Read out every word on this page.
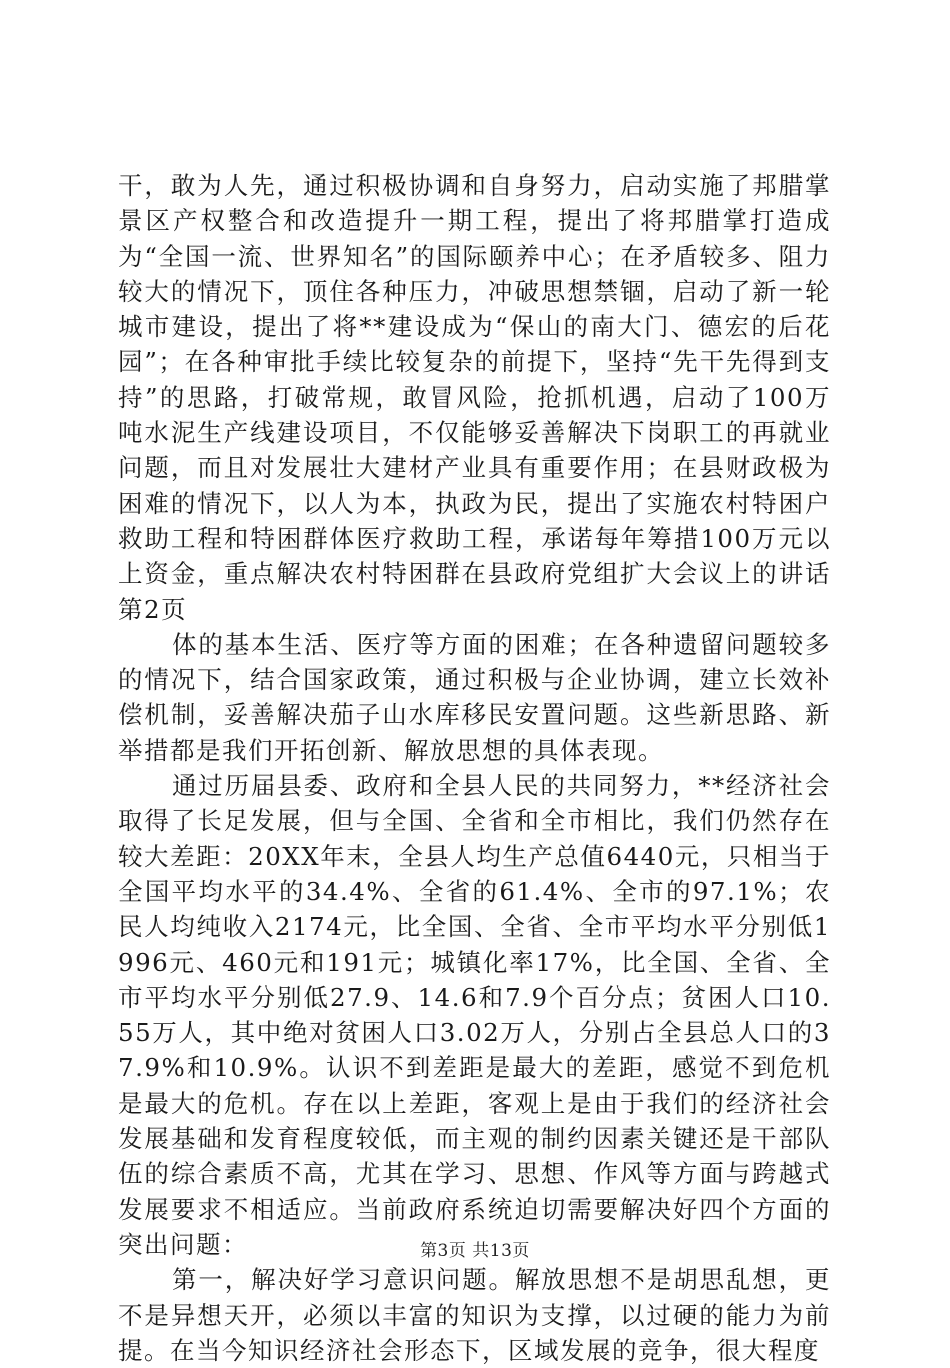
干，敢为人先，通过积极协调和自身努力，启动实施了邦腊掌景区产权整合和改造提升一期工程，提出了将邦腊掌打造成为“全国一流、世界知名”的国际颐养中心；在矛盾较多、阻力较大的情况下，顶住各种压力，冲破思想禁锢，启动了新一轮城市建设，提出了将**建设成为“保山的南大门、德宏的后花园”；在各种审批手续比较复杂的前提下，坚持“先干先得到支持”的思路，打破常规，敢冒风险，抢抓机遇，启动了100万吨水泥生产线建设项目，不仅能够妥善解决下岗职工的再就业问题，而且对发展壮大建材产业具有重要作用；在县财政极为困难的情况下，以人为本，执政为民，提出了实施农村特困户救助工程和特困群体医疗救助工程，承诺每年筹措100万元以上资金，重点解决农村特困群在县政府党组扩大会议上的讲话第2页

体的基本生活、医疗等方面的困难；在各种遗留问题较多的情况下，结合国家政策，通过积极与企业协调，建立长效补偿机制，妥善解决茄子山水库移民安置问题。这些新思路、新举措都是我们开拓创新、解放思想的具体表现。

通过历届县委、政府和全县人民的共同努力，**经济社会取得了长足发展，但与全国、全省和全市相比，我们仍然存在较大差距：20XX年末，全县人均生产总值6440元，只相当于全国平均水平的34.4%、全省的61.4%、全市的97.1%；农民人均纯收入2174元，比全国、全省、全市平均水平分别低1996元、460元和191元；城镇化率17%，比全国、全省、全市平均水平分别低27.9、14.6和7.9个百分点；贫困人口10.55万人，其中绝对贫困人口3.02万人，分别占全县总人口的37.9%和10.9%。认识不到差距是最大的差距，感觉不到危机是最大的危机。存在以上差距，客观上是由于我们的经济社会发展基础和发育程度较低，而主观的制约因素关键还是干部队伍的综合素质不高，尤其在学习、思想、作风等方面与跨越式发展要求不相适应。当前政府系统迫切需要解决好四个方面的突出问题：

第一，解决好学习意识问题。解放思想不是胡思乱想，更不是异想天开，必须以丰富的知识为支撑，以过硬的能力为前提。在当今知识经济社会形态下，区域发展的竞争，很大程度

第3页 共13页
